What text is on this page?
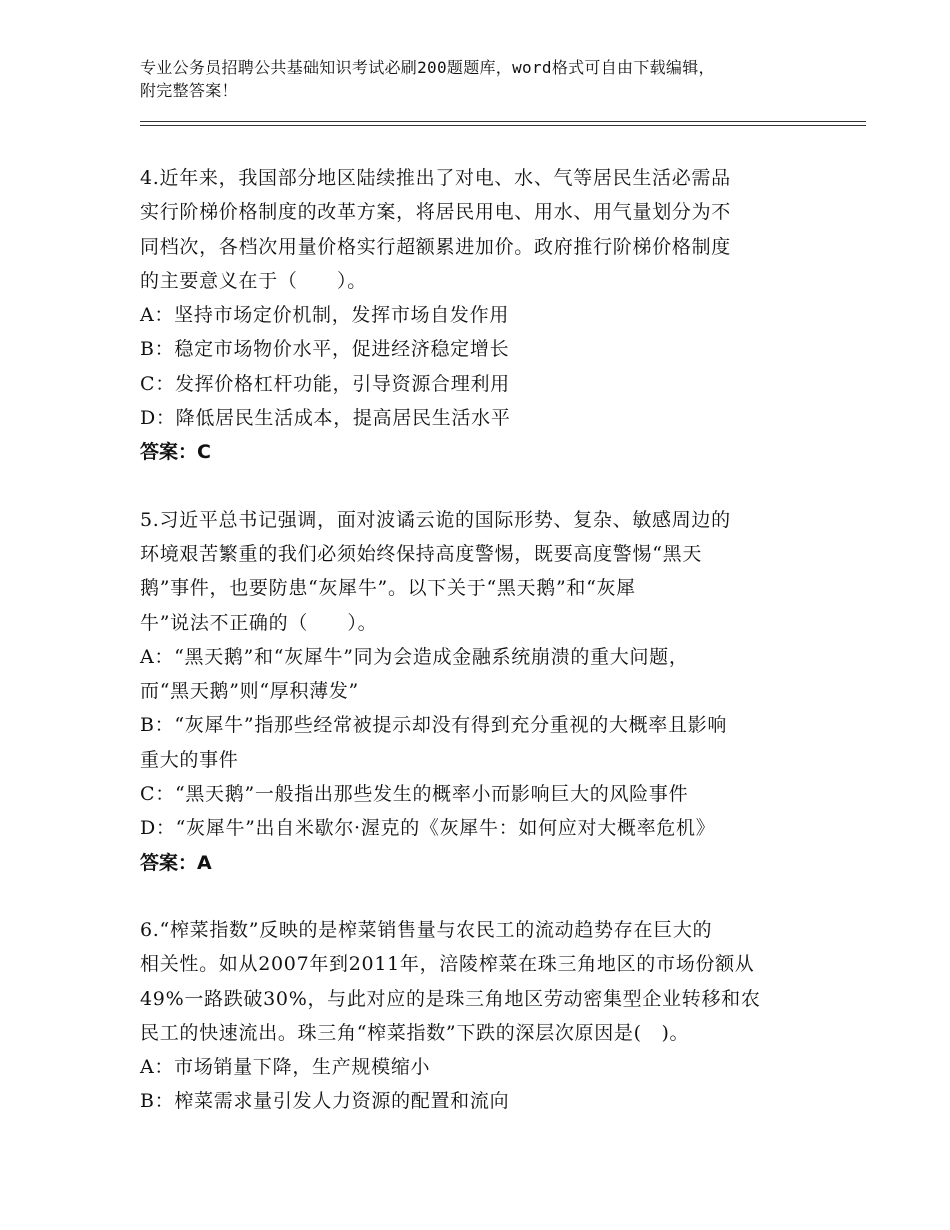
专业公务员招聘公共基础知识考试必刷200题题库，word格式可自由下载编辑，
附完整答案！

4.近年来，我国部分地区陆续推出了对电、水、气等居民生活必需品
实行阶梯价格制度的改革方案，将居民用电、用水、用气量划分为不
同档次，各档次用量价格实行超额累进加价。政府推行阶梯价格制度
的主要意义在于（　　）。

A：坚持市场定价机制，发挥市场自发作用

B：稳定市场物价水平，促进经济稳定增长

C：发挥价格杠杆功能，引导资源合理利用

D：降低居民生活成本，提高居民生活水平

答案：C

5.习近平总书记强调，面对波谲云诡的国际形势、复杂、敏感周边的
环境艰苦繁重的我们必须始终保持高度警惕，既要高度警惕“黑天
鹅”事件，也要防患“灰犀牛”。以下关于“黑天鹅”和“灰犀
牛”说法不正确的（　　）。

A：“黑天鹅”和“灰犀牛”同为会造成金融系统崩溃的重大问题，
而“黑天鹅”则“厚积薄发”

B：“灰犀牛”指那些经常被提示却没有得到充分重视的大概率且影响
重大的事件

C：“黑天鹅”一般指出那些发生的概率小而影响巨大的风险事件

D：“灰犀牛”出自米歇尔·渥克的《灰犀牛：如何应对大概率危机》

答案：A

6.“榨菜指数”反映的是榨菜销售量与农民工的流动趋势存在巨大的
相关性。如从2007年到2011年，涪陵榨菜在珠三角地区的市场份额从
49%一路跌破30%，与此对应的是珠三角地区劳动密集型企业转移和农
民工的快速流出。珠三角“榨菜指数”下跌的深层次原因是(　)。

A：市场销量下降，生产规模缩小

B：榨菜需求量引发人力资源的配置和流向
